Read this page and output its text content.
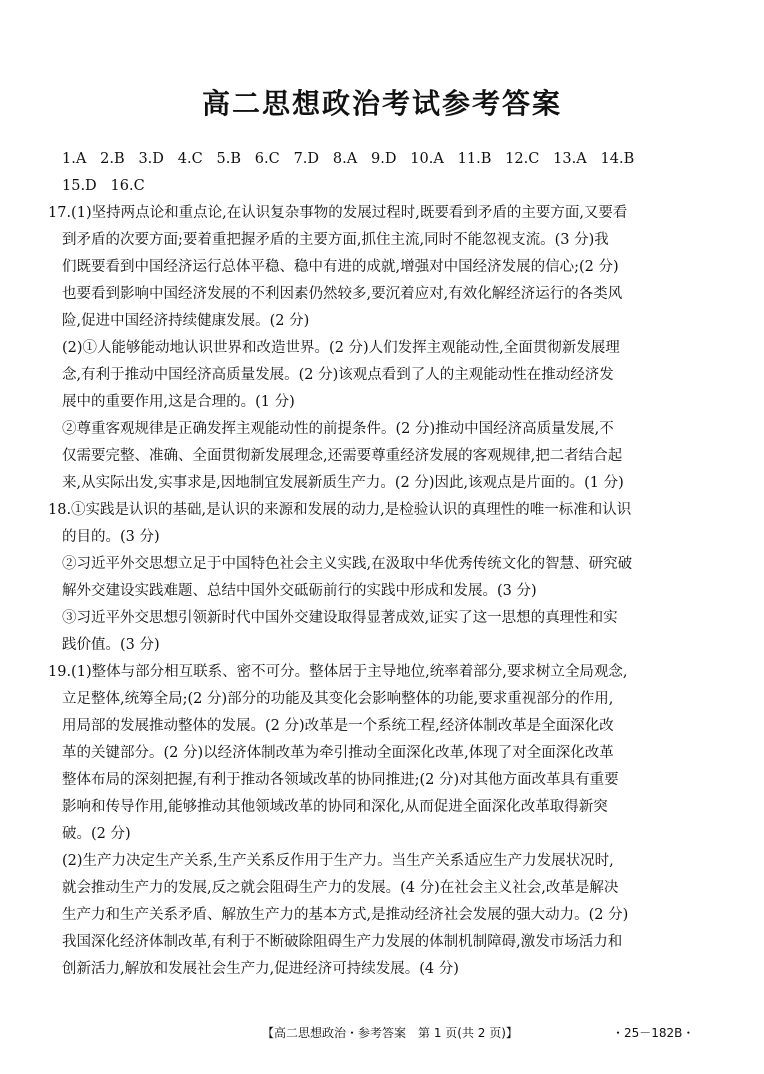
高二思想政治考试参考答案
1.A   2.B   3.D   4.C   5.B   6.C   7.D   8.A   9.D   10.A   11.B   12.C   13.A   14.B
15.D   16.C
17.(1)坚持两点论和重点论,在认识复杂事物的发展过程时,既要看到矛盾的主要方面,又要看
到矛盾的次要方面;要着重把握矛盾的主要方面,抓住主流,同时不能忽视支流。(3 分)我
们既要看到中国经济运行总体平稳、稳中有进的成就,增强对中国经济发展的信心;(2 分)
也要看到影响中国经济发展的不利因素仍然较多,要沉着应对,有效化解经济运行的各类风
险,促进中国经济持续健康发展。(2 分)
(2)①人能够能动地认识世界和改造世界。(2 分)人们发挥主观能动性,全面贯彻新发展理
念,有利于推动中国经济高质量发展。(2 分)该观点看到了人的主观能动性在推动经济发
展中的重要作用,这是合理的。(1 分)
②尊重客观规律是正确发挥主观能动性的前提条件。(2 分)推动中国经济高质量发展,不
仅需要完整、准确、全面贯彻新发展理念,还需要尊重经济发展的客观规律,把二者结合起
来,从实际出发,实事求是,因地制宜发展新质生产力。(2 分)因此,该观点是片面的。(1 分)
18.①实践是认识的基础,是认识的来源和发展的动力,是检验认识的真理性的唯一标准和认识
的目的。(3 分)
②习近平外交思想立足于中国特色社会主义实践,在汲取中华优秀传统文化的智慧、研究破
解外交建设实践难题、总结中国外交砥砺前行的实践中形成和发展。(3 分)
③习近平外交思想引领新时代中国外交建设取得显著成效,证实了这一思想的真理性和实
践价值。(3 分)
19.(1)整体与部分相互联系、密不可分。整体居于主导地位,统率着部分,要求树立全局观念,
立足整体,统筹全局;(2 分)部分的功能及其变化会影响整体的功能,要求重视部分的作用,
用局部的发展推动整体的发展。(2 分)改革是一个系统工程,经济体制改革是全面深化改
革的关键部分。(2 分)以经济体制改革为牵引推动全面深化改革,体现了对全面深化改革
整体布局的深刻把握,有利于推动各领域改革的协同推进;(2 分)对其他方面改革具有重要
影响和传导作用,能够推动其他领域改革的协同和深化,从而促进全面深化改革取得新突
破。(2 分)
(2)生产力决定生产关系,生产关系反作用于生产力。当生产关系适应生产力发展状况时,
就会推动生产力的发展,反之就会阻碍生产力的发展。(4 分)在社会主义社会,改革是解决
生产力和生产关系矛盾、解放生产力的基本方式,是推动经济社会发展的强大动力。(2 分)
我国深化经济体制改革,有利于不断破除阻碍生产力发展的体制机制障碍,激发市场活力和
创新活力,解放和发展社会生产力,促进经济可持续发展。(4 分)
【高二思想政治・参考答案　第 1 页(共 2 页)】	・25－182B・
